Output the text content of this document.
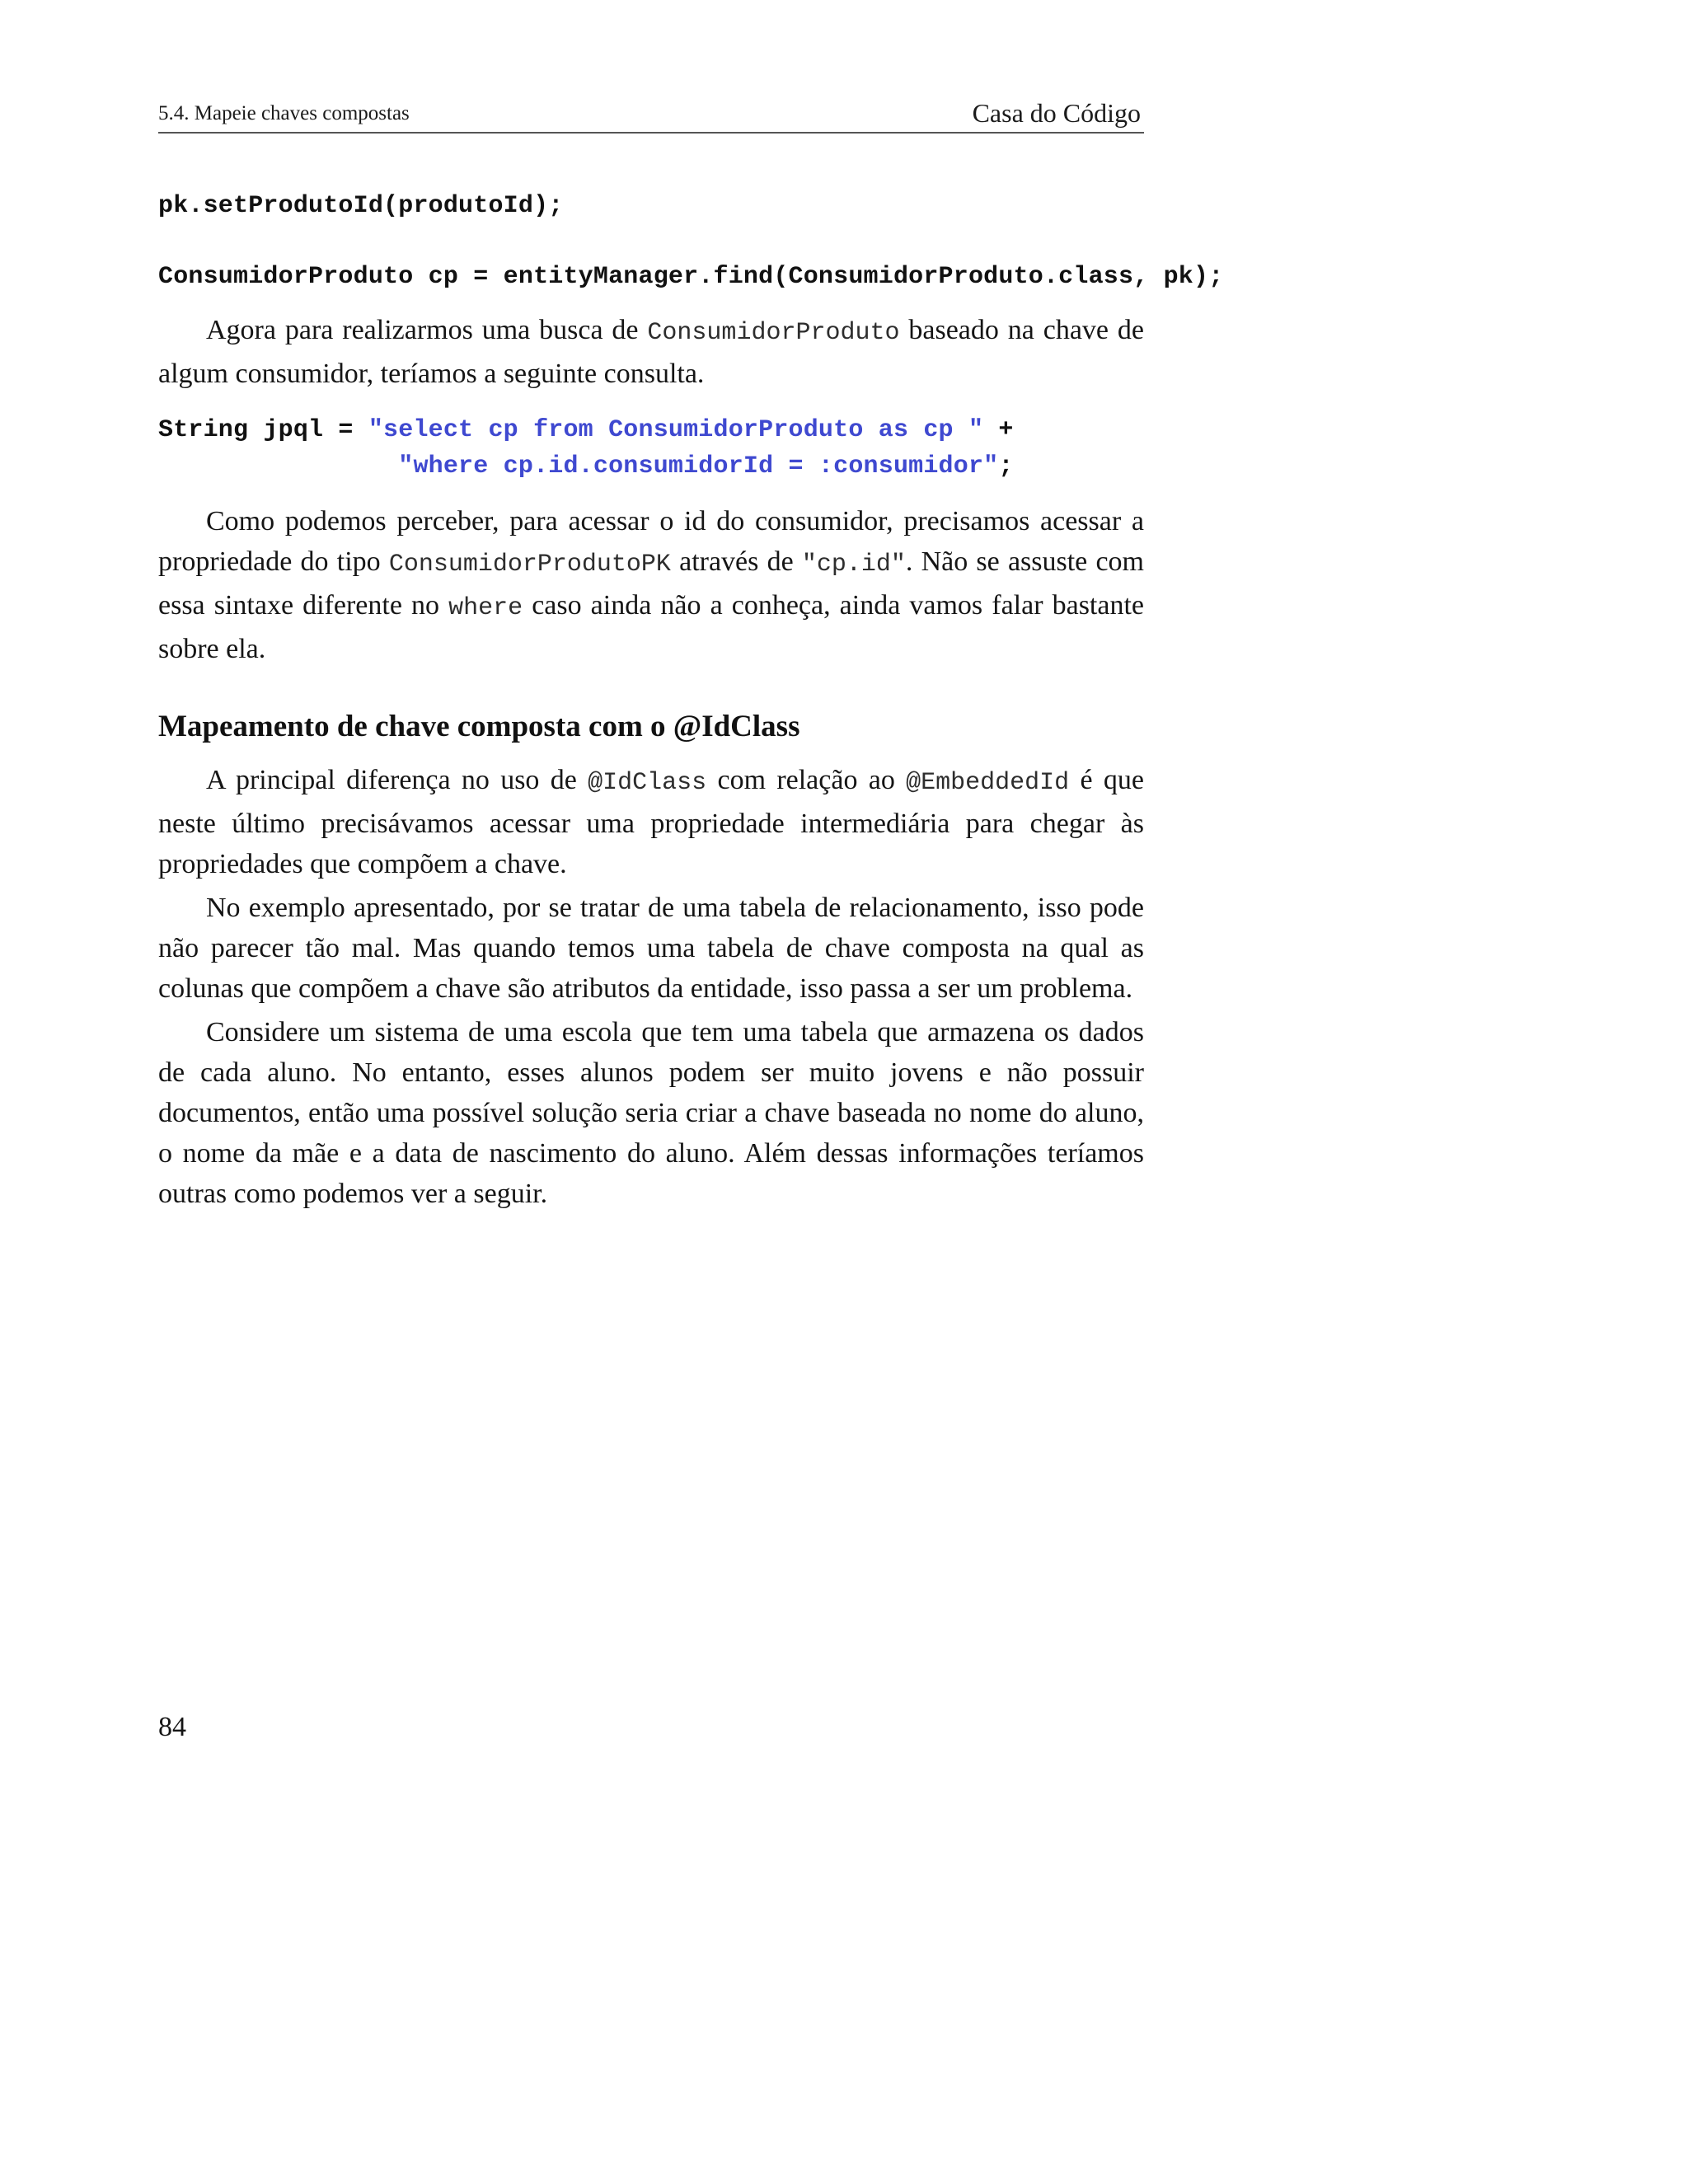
5.4. Mapeie chaves compostas	Casa do Código
pk.setProdutoId(produtoId);
ConsumidorProduto cp = entityManager.find(ConsumidorProduto.class, pk);

Agora para realizarmos uma busca de ConsumidorProduto baseado na chave de algum consumidor, teríamos a seguinte consulta.

String jpql = "select cp from ConsumidorProduto as cp " +
"where cp.id.consumidorId = :consumidor";

Como podemos perceber, para acessar o id do consumidor, precisamos acessar a propriedade do tipo ConsumidorProdutoPK através de "cp.id". Não se assuste com essa sintaxe diferente no where caso ainda não a conheça, ainda vamos falar bastante sobre ela.

Mapeamento de chave composta com o @IdClass

A principal diferença no uso de @IdClass com relação ao @EmbeddedId é que neste último precisávamos acessar uma propriedade intermediária para chegar às propriedades que compõem a chave.

No exemplo apresentado, por se tratar de uma tabela de relacionamento, isso pode não parecer tão mal. Mas quando temos uma tabela de chave composta na qual as colunas que compõem a chave são atributos da entidade, isso passa a ser um problema.

Considere um sistema de uma escola que tem uma tabela que armazena os dados de cada aluno. No entanto, esses alunos podem ser muito jovens e não possuir documentos, então uma possível solução seria criar a chave baseada no nome do aluno, o nome da mãe e a data de nascimento do aluno. Além dessas informações teríamos outras como podemos ver a seguir.

84
